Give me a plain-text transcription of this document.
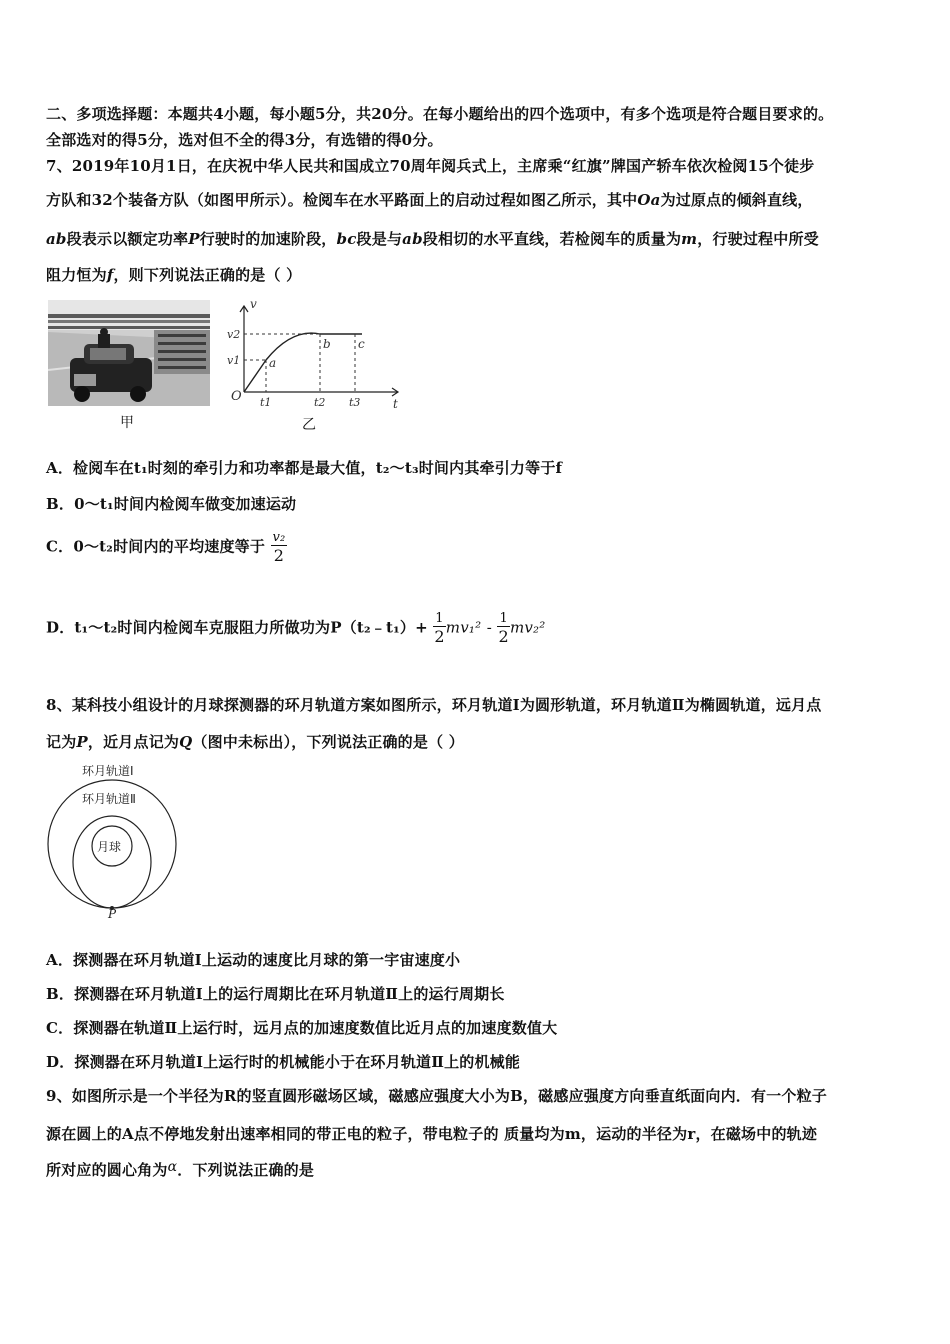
二、多项选择题：本题共4小题，每小题5分，共20分。在每小题给出的四个选项中，有多个选项是符合题目要求的。
全部选对的得5分，选对但不全的得3分，有选错的得0分。
7、2019年10月1日，在庆祝中华人民共和国成立70周年阅兵式上，主席乘“红旗”牌国产轿车依次检阅15个徒步
方队和32个装备方队（如图甲所示）。检阅车在水平路面上的启动过程如图乙所示，其中Oa为过原点的倾斜直线，
ab段表示以额定功率P行驶时的加速阶段，bc段是与ab段相切的水平直线，若检阅车的质量为m，行驶过程中所受
阻力恒为f，则下列说法正确的是（ ）
甲
v
t
O
v1
v2
t1	t2 t3
a
b c
乙
A．检阅车在t₁时刻的牵引力和功率都是最大值，t₂～t₃时间内其牵引力等于f
B．0～t₁时间内检阅车做变加速运动
C．0～t₂时间内的平均速度等于 $\frac{\text{v₂}}{2}$
D．t₁～t₂时间内检阅车克服阻力所做功为P（t₂﹣t₁）+ $\frac{1}{2} mv_1^2 - \frac{1}{2} mv_2^2$
8、某科技小组设计的月球探测器的环月轨道方案如图所示，环月轨道Ⅰ为圆形轨道，环月轨道Ⅱ为椭圆轨道，远月点
记为P，近月点记为Q（图中未标出），下列说法正确的是（ ）
环月轨道Ⅰ
环月轨道Ⅱ
月球
P
A．探测器在环月轨道Ⅰ上运动的速度比月球的第一宇宙速度小
B．探测器在环月轨道Ⅰ上的运行周期比在环月轨道Ⅱ上的运行周期长
C．探测器在轨道Ⅱ上运行时，远月点的加速度数值比近月点的加速度数值大
D．探测器在环月轨道Ⅰ上运行时的机械能小于在环月轨道Ⅱ上的机械能
9、如图所示是一个半径为R的竖直圆形磁场区域，磁感应强度大小为B，磁感应强度方向垂直纸面向内．有一个粒子
源在圆上的A点不停地发射出速率相同的带正电的粒子，带电粒子的 质量均为m，运动的半径为r，在磁场中的轨迹
所对应的圆心角为α．下列说法正确的是
